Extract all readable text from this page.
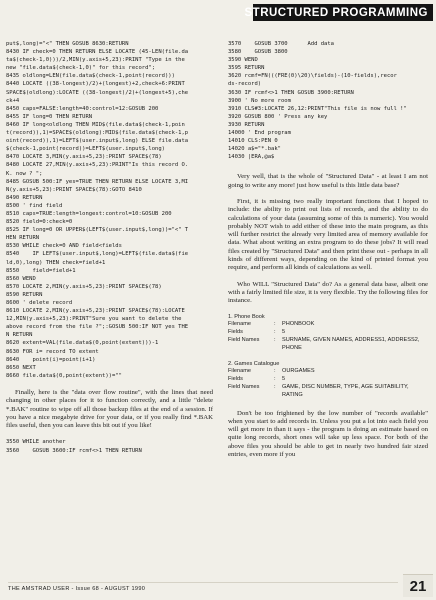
STRUCTURED PROGRAMMING
put$,long)="<" THEN GOSUB 8630:RETURN
8430 IF check=0 THEN RETURN ELSE LOCATE (45-LEN(file.da
ta$(check-1,0)))/2,MIN(y.axis+5,23):PRINT "Type in the
new "file.data$(check-1,0)" for this record";
8435 oldlong=LEN(file.data$(check-1,point(record)))
8440 LOCATE ((38-longest)/2)+(longest)+2,check+6:PRINT
SPACE$(oldlong):LOCATE ((38-longest)/2)+(longest+5),che
ck+4
8450 caps=FALSE:length=40:control=12:GOSUB 200
8455 IF long=0 THEN RETURN
8460 IF long<oldlong THEN MID$(file.data$(check-1,poin
t(record)),1)=SPACE$(oldlong):MID$(file.data$(check-1,p
oint(record)),1)=LEFT$(user.input$,long) ELSE file.data
$(check-1,point(record))=LEFT$(user.input$,long)
8470 LOCATE 3,MIN(y.axis+5,23):PRINT SPACE$(78)
8480 LOCATE 27,MIN(y.axis+5,23):PRINT"Is this record O.
K. now ? ";
8485 GOSUB 500:IF yes=TRUE THEN RETURN ELSE LOCATE 3,MI
N(y.axis+5,23):PRINT SPACE$(78):GOTO 8410
8490 RETURN
8500 ' find field
8510 caps=TRUE:length=longest:control=10:GOSUB 200
8520 field=0:check=0
8525 IF long=0 OR UPPER$(LEFT$(user.input$,long))="<" T
HEN RETURN
8530 WHILE check=0 AND field<fields
8540    IF LEFT$(user.input$,long)=LEFT$(file.data$(fie
ld,0),long) THEN check=field+1
8550    field=field+1
8560 WEND
8570 LOCATE 2,MIN(y.axis+5,23):PRINT SPACE$(78)
8590 RETURN
8600 ' delete record
8610 LOCATE 2,MIN(y.axis+5,23):PRINT SPACE$(78):LOCATE
12,MIN(y.axis+5,23):PRINT"Sure you want to delete the
above record from the file ?";:GOSUB 500:IF NOT yes THE
N RETURN
8620 extent=VAL(file.data$(0,point(extent)))-1
8630 FOR i= record TO extent
8640    point(i)=point(i+1)
8650 NEXT
8660 file.data$(0,point(extent))=""

Finally, here is the "data over flow routine", with the lines that need changing in other places for it to function correctly, and a little "delete *.BAK" routine to wipe off all those backup files at the end of a session. If you have a nice megabyte drive for your data, or if you really find *.BAK files useful, then you can leave this bit out if you like!

3550 WHILE another
3560    GOSUB 3600:IF rcmf<>1 THEN RETURN
3570    GOSUB 3700      Add data
3580    GOSUB 3800
3590 WEND
3595 RETURN
3620 rcmf=FN(((FRE(0)\20)\fields)-(10-fields),recor
ds-record)
3630 IF rcmf<>1 THEN GOSUB 3900:RETURN
3900 ' No more room
3910 CLS#3:LOCATE 26,12:PRINT"This file is now full !"
3920 GOSUB 800 ' Press any key
3930 RETURN
14000 ' End program
14010 CLS:PEN 0
14020 a$="*.bak"
14030 |ERA,@a$

Very well, that is the whole of "Structured Data" - at least I am not going to write any more! just how useful is this little data base?

First, it is missing two really important functions that I hoped to include: the ability to print out lists of records, and the ability to do calculations of your data (assuming some of this is numeric). You would probably NOT wish to add either of these into the main program, as this will further restrict the already very limited area of memory available for data. What about writing an extra program to do these jobs? It will read files created by "Structured Data" and then print these out - perhaps in all kinds of different ways, depending on the kind of printed format you require, and perform all kinds of calculations as well.

Who WILL "Structured Data" do? As a general data base, albeit one with a fairly limited file size, it is very flexible. Try the following files for instance.

1. Phone Book
Filename	:	PHONBOOK
Fields	:	5
Field Names	:	SURNAME, GIVEN NAMES, ADDRESS1, ADDRESS2, PHONE
2. Games Catalogue
Filename	:	OURGAMES
Fields	:	5
Field Names	:	GAME, DISC NUMBER, TYPE, AGE SUITABILITY, RATING

Don't be too frightened by the low number of "records available" when you start to add records in. Unless you put a lot into each field you will get more in than it says - the program is doing an estimate based on quite long records, short ones will take up less space. For both of the above files you should be able to get in nearly two hundred fair sized entries, even more if you

THE AMSTRAD USER - Issue 68 - AUGUST 1990	21
